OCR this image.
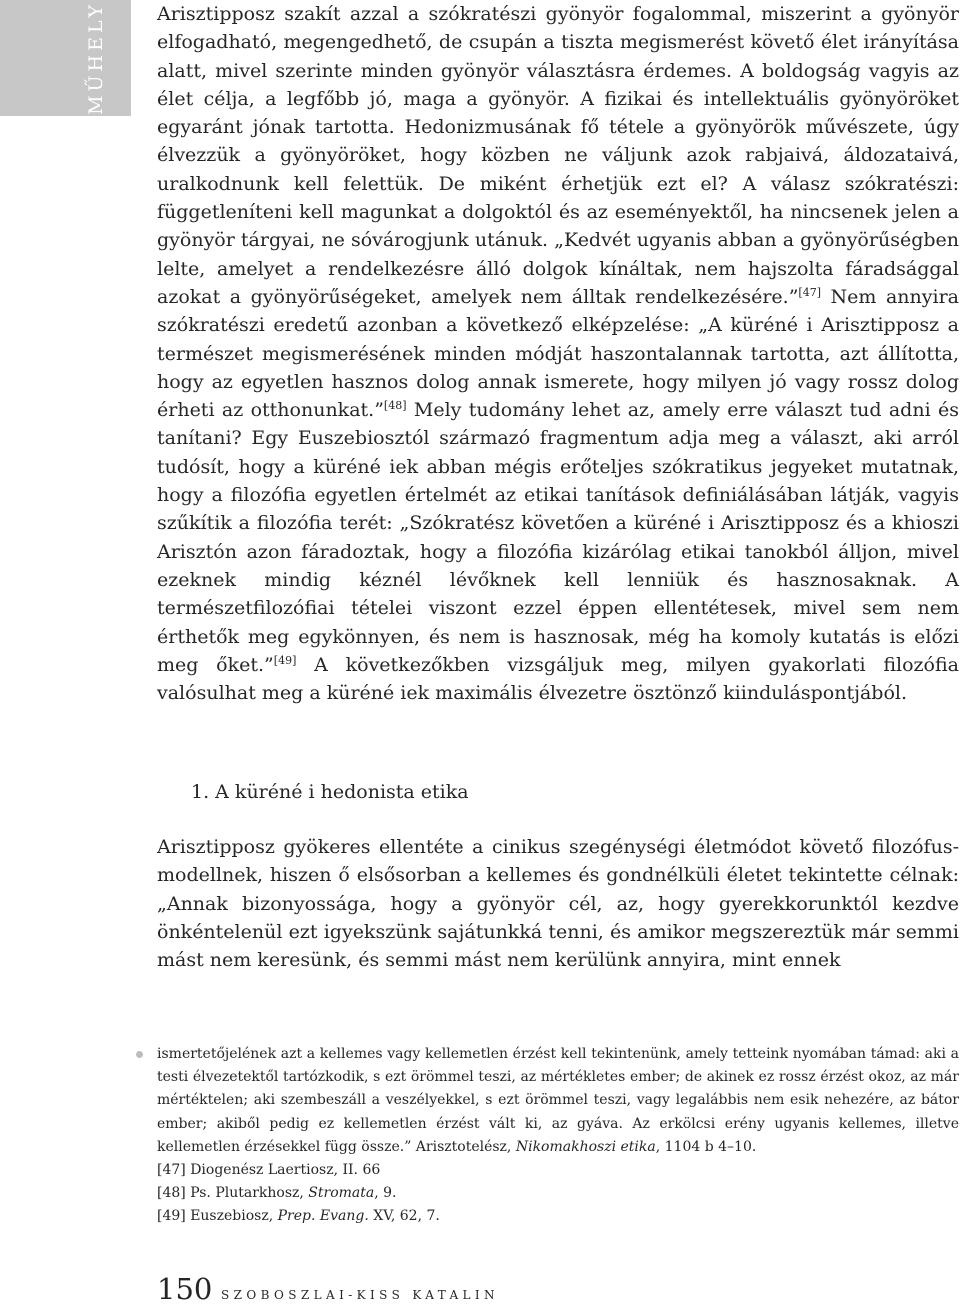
MŰHELY	Arisztipposz szakít azzal a szókratészi gyönyör fogalommal, miszerint a gyönyör elfogadható, megengedhető, de csupán a tiszta megismerést követő élet irányítása alatt, mivel szerinte minden gyönyör választásra érdemes. A boldogság vagyis az élet célja, a legfőbb jó, maga a gyönyör. A fizikai és intellektuális gyönyöröket egyaránt jónak tartotta. Hedonizmusának fő tétele a gyönyörök művészete, úgy élvezzük a gyönyöröket, hogy közben ne váljunk azok rabjaivá, áldozataivá, uralkodnunk kell felettük. De miként érhetjük ezt el? A válasz szókratészi: függetleníteni kell magunkat a dolgoktól és az eseményektől, ha nincsenek jelen a gyönyör tárgyai, ne sóvárogjunk utánuk. „Kedvét ugyanis abban a gyönyörűségben lelte, amelyet a rendelkezésre álló dolgok kínáltak, nem hajszolta fáradsággal azokat a gyönyörűségeket, amelyek nem álltak rendelkezésére.”[47] Nem annyira szókratészi eredetű azonban a következő elképzelése: „A küréné i Arisztipposz a természet megismerésének minden módját haszontalannak tartotta, azt állította, hogy az egyetlen hasznos dolog annak ismerete, hogy milyen jó vagy rossz dolog érheti az otthonunkat.”[48] Mely tudomány lehet az, amely erre választ tud adni és tanítani? Egy Euszebiosztól származó fragmentum adja meg a választ, aki arról tudósít, hogy a küréné iek abban mégis erőteljes szókratikus jegyeket mutatnak, hogy a filozófia egyetlen értelmét az etikai tanítások definiálásában látják, vagyis szűkítik a filozófia terét: „Szókratész követően a küréné i Arisztipposz és a khioszi Arisztón azon fáradoztak, hogy a filozófia kizárólag etikai tanokból álljon, mivel ezeknek mindig kéznél lévőknek kell lenniük és hasznosaknak. A természetfilozófiai tételei viszont ezzel éppen ellentétesek, mivel sem nem érthetők meg egykönnyen, és nem is hasznosak, még ha komoly kutatás is előzi meg őket.”[49] A következőkben vizsgáljuk meg, milyen gyakorlati filozófia valósulhat meg a küréné iek maximális élvezetre ösztönző kiinduláspontjából.

1. A küréné i hedonista etika

Arisztipposz gyökeres ellentéte a cinikus szegénységi életmódot követő filozófusmodellnek, hiszen ő elsősorban a kellemes és gondnélküli életet tekintette célnak: „Annak bizonyossága, hogy a gyönyör cél, az, hogy gyerekkorunktól kezdve önkéntelenül ezt igyekszünk sajátunkká tenni, és amikor megszereztük már semmi mást nem keresünk, és semmi mást nem kerülünk annyira, mint ennek

ismertetőjelének azt a kellemes vagy kellemetlen érzést kell tekintenünk, amely tetteink nyomában támad: aki a testi élvezetektől tartózkodik, s ezt örömmel teszi, az mértékletes ember; de akinek ez rossz érzést okoz, az már mértéktelen; aki szembeszáll a veszélyekkel, s ezt örömmel teszi, vagy legalábbis nem esik nehezére, az bátor ember; akiből pedig ez kellemetlen érzést vált ki, az gyáva. Az erkölcsi erény ugyanis kellemes, illetve kellemetlen érzésekkel függ össze.” Arisztotelész, Nikomakhoszi etika, 1104 b 4–10.

[47] Diogenész Laertiosz, II. 66

[48] Ps. Plutarkhosz, Stromata, 9.

[49] Euszebiosz, Prep. Evang. XV, 62, 7.

150 SZOBOSZLAI-KISS KATALIN
